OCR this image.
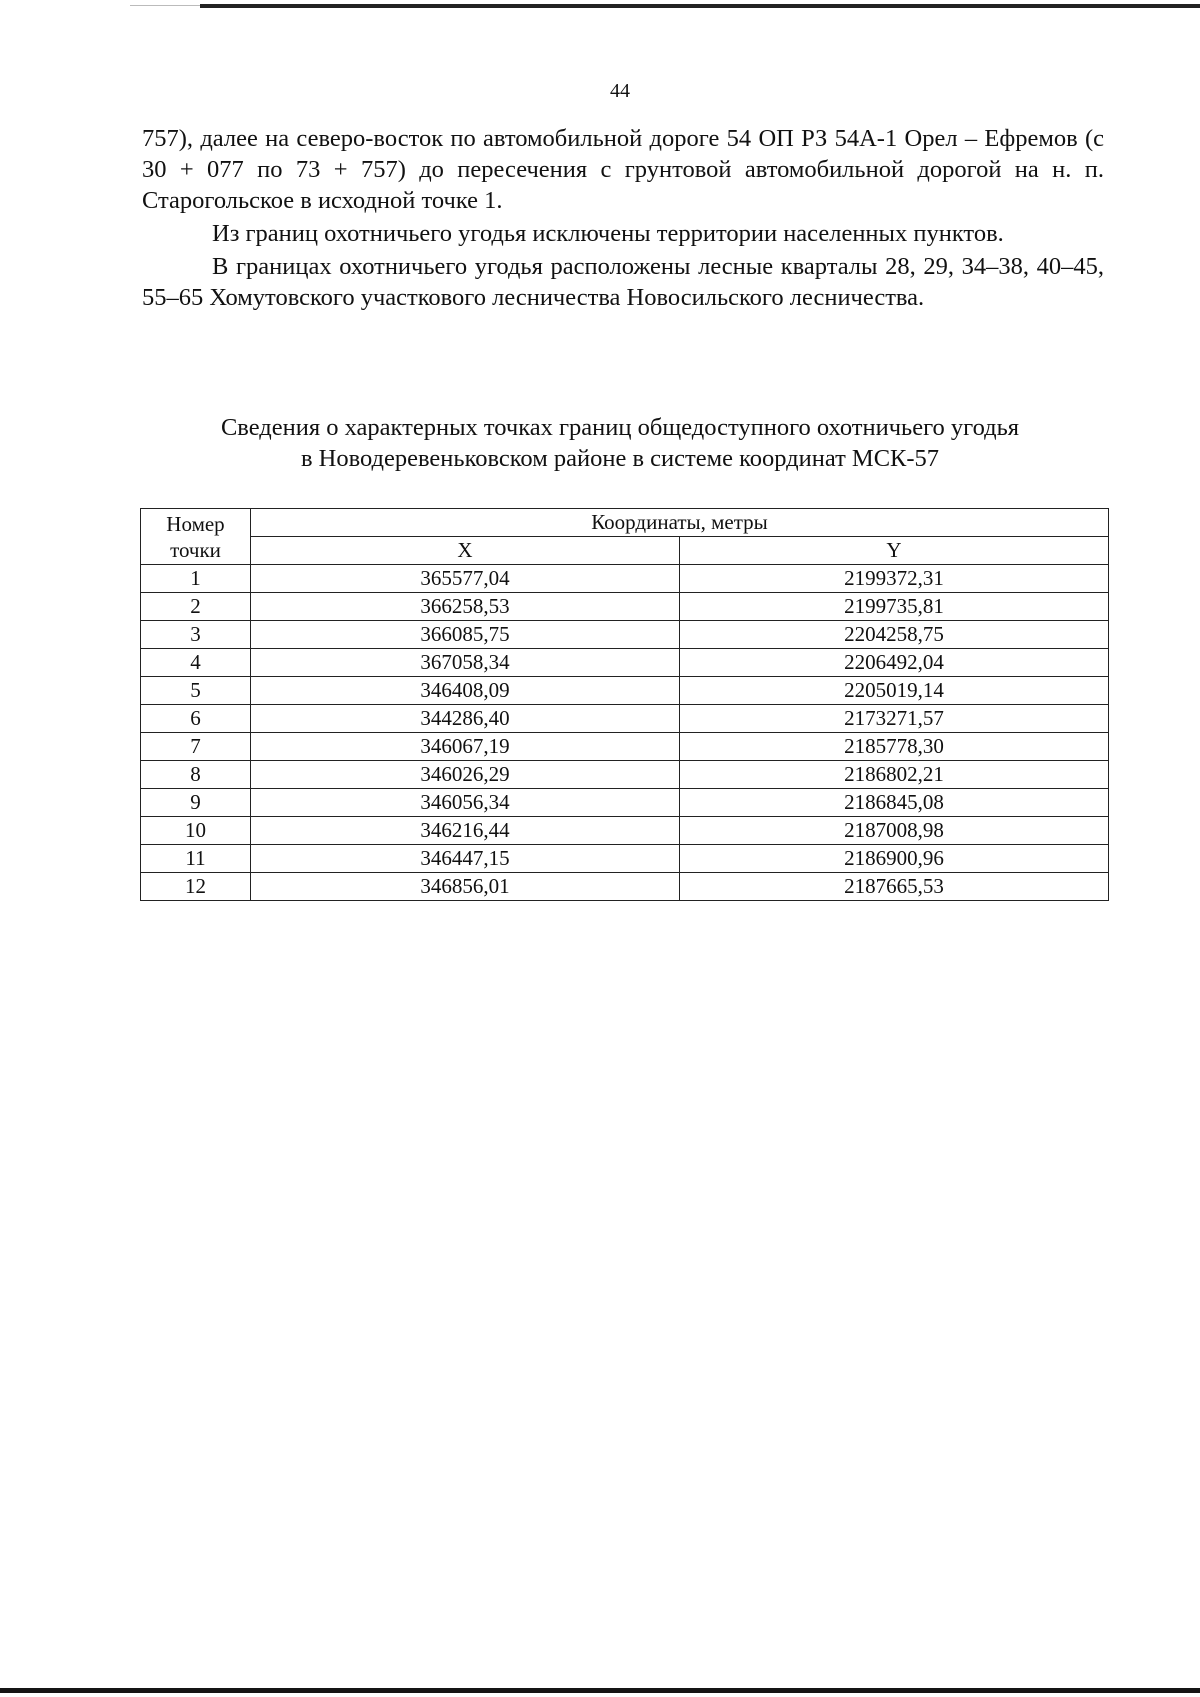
44

757), далее на северо-восток по автомобильной дороге 54 ОП РЗ 54А-1 Орел – Ефремов (с 30 + 077 по 73 + 757) до пересечения с грунтовой автомобильной дорогой на н. п. Старогольское в исходной точке 1.

Из границ охотничьего угодья исключены территории населенных пунктов.

В границах охотничьего угодья расположены лесные кварталы 28, 29, 34–38, 40–45, 55–65 Хомутовского участкового лесничества Новосильского лесничества.

Сведения о характерных точках границ общедоступного охотничьего угодья
в Новодеревеньковском районе в системе координат МСК-57
Номер
точки	Координаты, метры	
	X	Y
1	365577,04	2199372,31
2	366258,53	2199735,81
3	366085,75	2204258,75
4	367058,34	2206492,04
5	346408,09	2205019,14
6	344286,40	2173271,57
7	346067,19	2185778,30
8	346026,29	2186802,21
9	346056,34	2186845,08
10	346216,44	2187008,98
11	346447,15	2186900,96
12	346856,01	2187665,53
